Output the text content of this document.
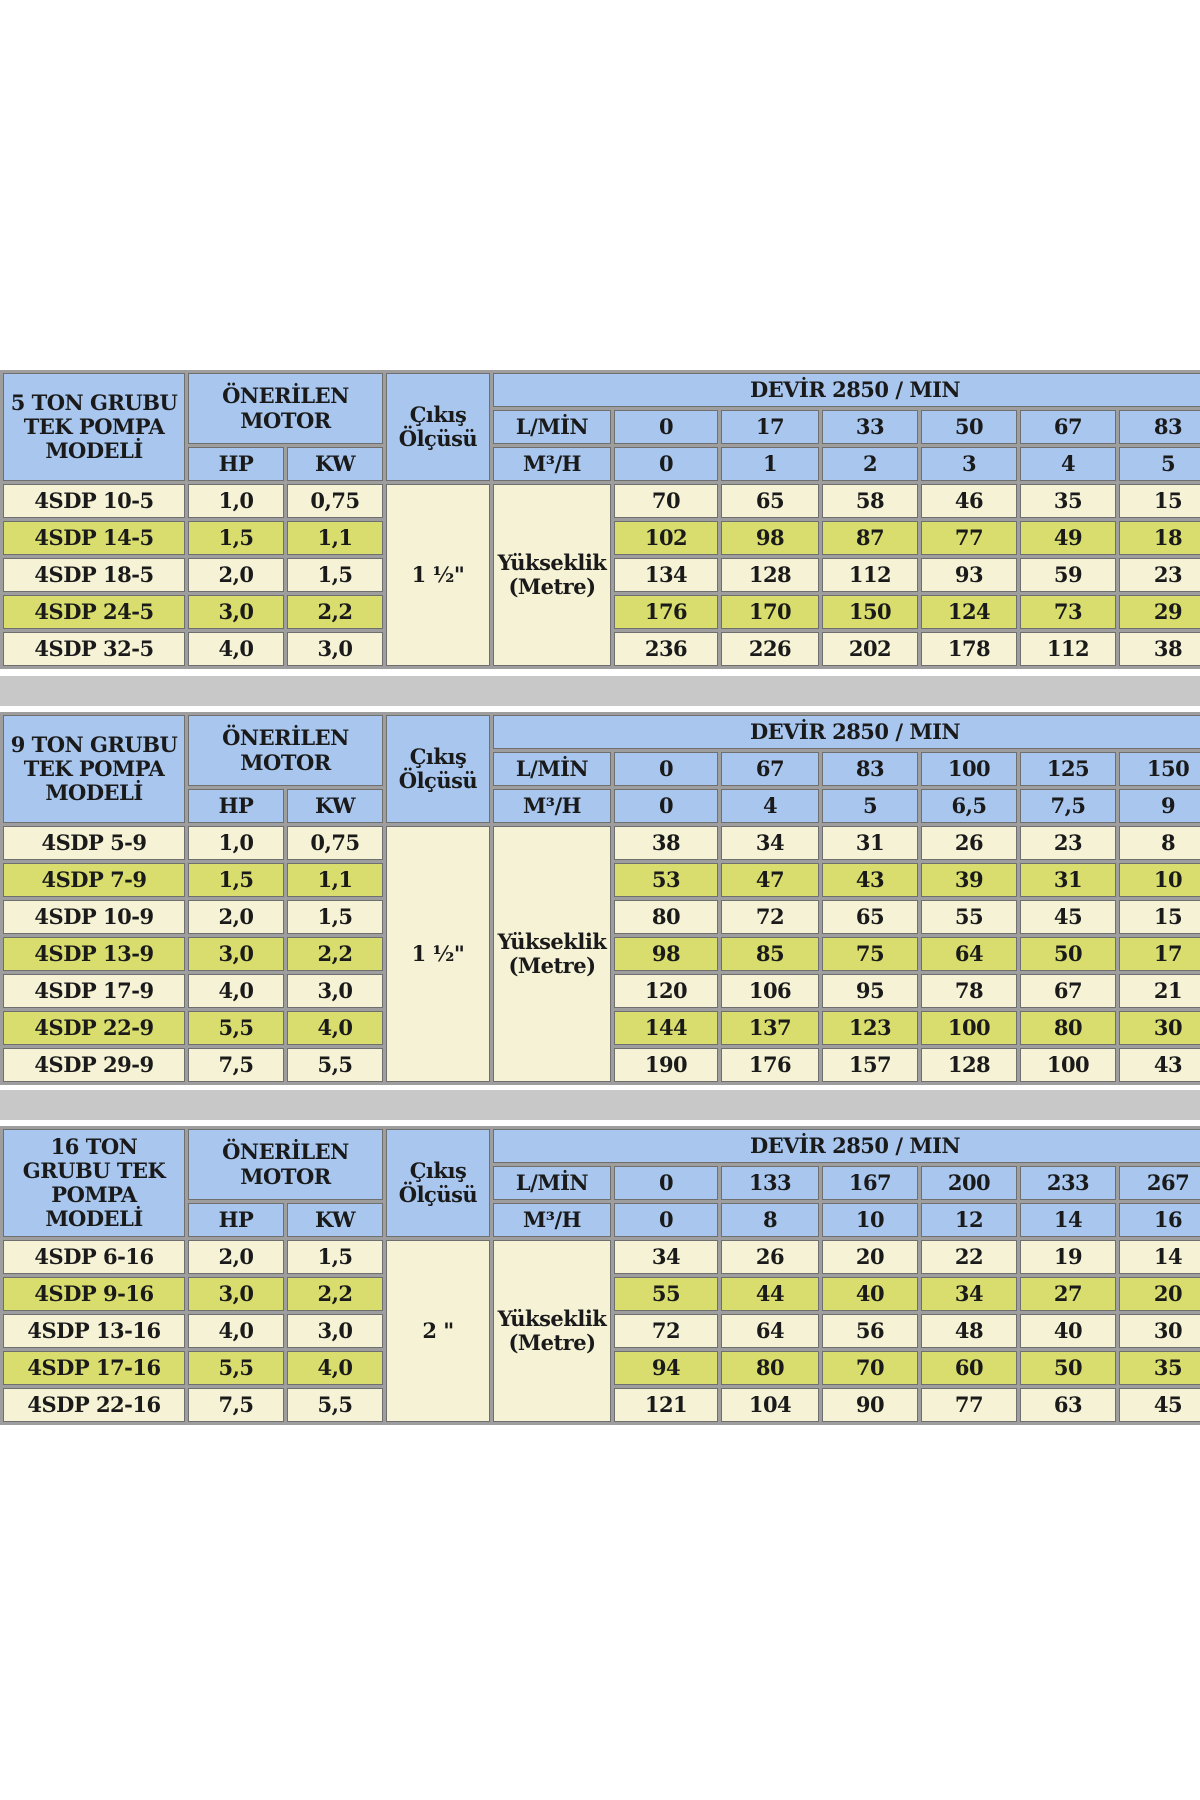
5 TON GRUBU TEK POMPA MODELİ	ÖNERİLEN MOTOR		Çıkış Ölçüsü	DEVİR 2850 / MIN						
				L/MİN	0	17	33	50	67	83
	HP	KW		M³/H	0	1	2	3	4	5
4SDP 10-5	1,0	0,75	1 ½"	Yükseklik (Metre)	70	65	58	46	35	15
4SDP 14-5	1,5	1,1			102	98	87	77	49	18
4SDP 18-5	2,0	1,5			134	128	112	93	59	23
4SDP 24-5	3,0	2,2			176	170	150	124	73	29
4SDP 32-5	4,0	3,0			236	226	202	178	112	38
9 TON GRUBU TEK POMPA MODELİ	ÖNERİLEN MOTOR		Çıkış Ölçüsü	DEVİR 2850 / MIN						
				L/MİN	0	67	83	100	125	150
	HP	KW		M³/H	0	4	5	6,5	7,5	9
4SDP 5-9	1,0	0,75	1 ½"	Yükseklik (Metre)	38	34	31	26	23	8
4SDP 7-9	1,5	1,1			53	47	43	39	31	10
4SDP 10-9	2,0	1,5			80	72	65	55	45	15
4SDP 13-9	3,0	2,2			98	85	75	64	50	17
4SDP 17-9	4,0	3,0			120	106	95	78	67	21
4SDP 22-9	5,5	4,0			144	137	123	100	80	30
4SDP 29-9	7,5	5,5			190	176	157	128	100	43
16 TON GRUBU TEK POMPA MODELİ	ÖNERİLEN MOTOR		Çıkış Ölçüsü	DEVİR 2850 / MIN						
				L/MİN	0	133	167	200	233	267
	HP	KW		M³/H	0	8	10	12	14	16
4SDP 6-16	2,0	1,5	2 "	Yükseklik (Metre)	34	26	20	22	19	14
4SDP 9-16	3,0	2,2			55	44	40	34	27	20
4SDP 13-16	4,0	3,0			72	64	56	48	40	30
4SDP 17-16	5,5	4,0			94	80	70	60	50	35
4SDP 22-16	7,5	5,5			121	104	90	77	63	45
